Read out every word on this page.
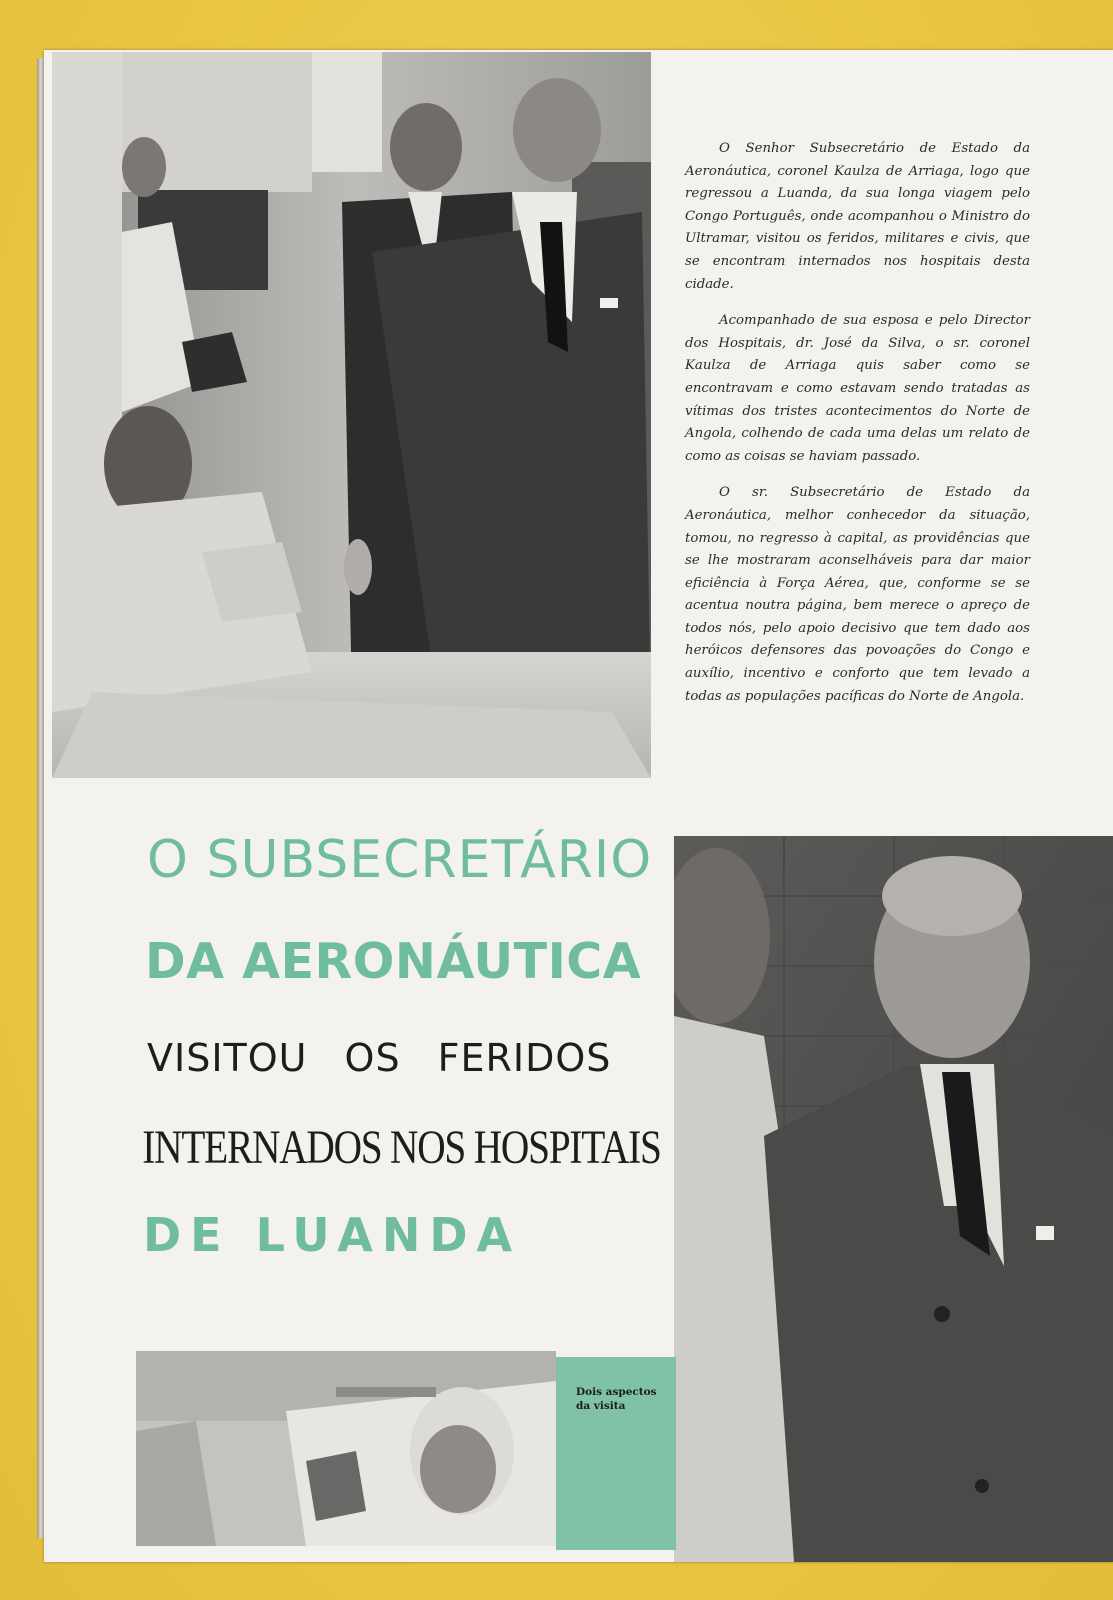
O Senhor Subsecretário de Estado da Aeronáutica, coronel Kaulza de Arriaga, logo que regressou a Luanda, da sua longa viagem pelo Congo Português, onde acompanhou o Ministro do Ultramar, visitou os feridos, militares e civis, que se encontram internados nos hospitais desta cidade.

Acompanhado de sua esposa e pelo Director dos Hospitais, dr. José da Silva, o sr. coronel Kaulza de Arriaga quis saber como se encontravam e como estavam sendo tratadas as vítimas dos tristes acontecimentos do Norte de Angola, colhendo de cada uma delas um relato de como as coisas se haviam passado.

O sr. Subsecretário de Estado da Aeronáutica, melhor conhecedor da situação, tomou, no regresso à capital, as providências que se lhe mostraram aconselháveis para dar maior eficiência à Força Aérea, que, conforme se se acentua noutra página, bem merece o apreço de todos nós, pelo apoio decisivo que tem dado aos heróicos defensores das povoações do Congo e auxílio, incentivo e conforto que tem levado a todas as populações pacíficas do Norte de Angola.

O SUBSECRETÁRIO
DA AERONÁUTICA
VISITOU OS FERIDOS
INTERNADOS NOS HOSPITAIS
DE LUANDA
Dois aspectos da visita
